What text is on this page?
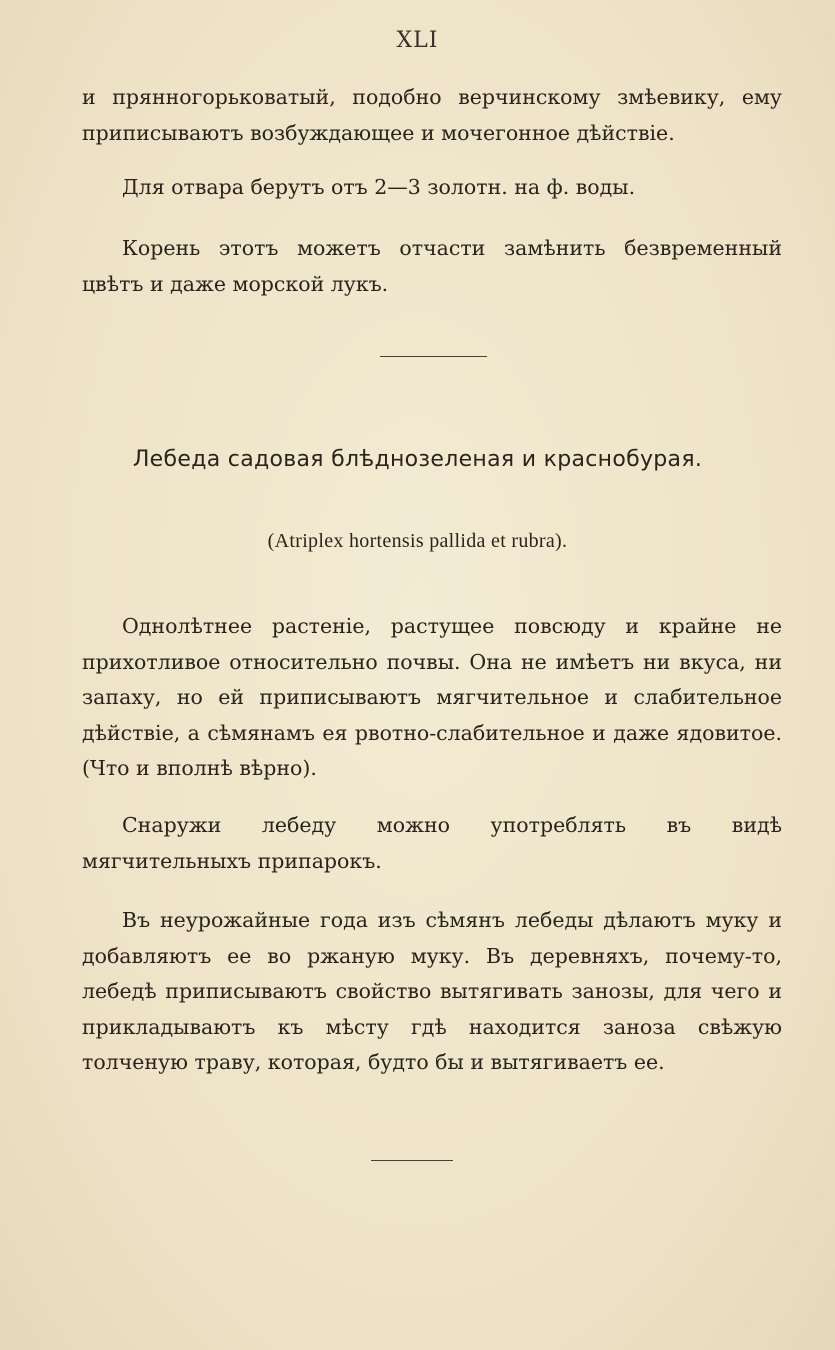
XLI

и прянногорьковатый, подобно верчинскому змѣевику, ему приписываютъ возбуждающее и мочегонное дѣйствіе.

Для отвара берутъ отъ 2—3 золотн. на ф. воды.

Корень этотъ можетъ отчасти замѣнить безвременный цвѣтъ и даже морской лукъ.

Лебеда садовая блѣднозеленая и краснобурая.
(Atriplex hortensis pallida et rubra).

Однолѣтнее растеніе, растущее повсюду и крайне не прихотливое относительно почвы. Она не имѣетъ ни вкуса, ни запаху, но ей приписываютъ мягчительное и слабительное дѣйствіе, а сѣмянамъ ея рвотно-слабительное и даже ядовитое. (Что и вполнѣ вѣрно).

Снаружи лебеду можно употреблять въ видѣ мягчительныхъ припарокъ.

Въ неурожайные года изъ сѣмянъ лебеды дѣлаютъ муку и добавляютъ ее во ржаную муку. Въ деревняхъ, почему-то, лебедѣ приписываютъ свойство вытягивать занозы, для чего и прикладываютъ къ мѣсту гдѣ находится заноза свѣжую толченую траву, которая, будто бы и вытягиваетъ ее.
